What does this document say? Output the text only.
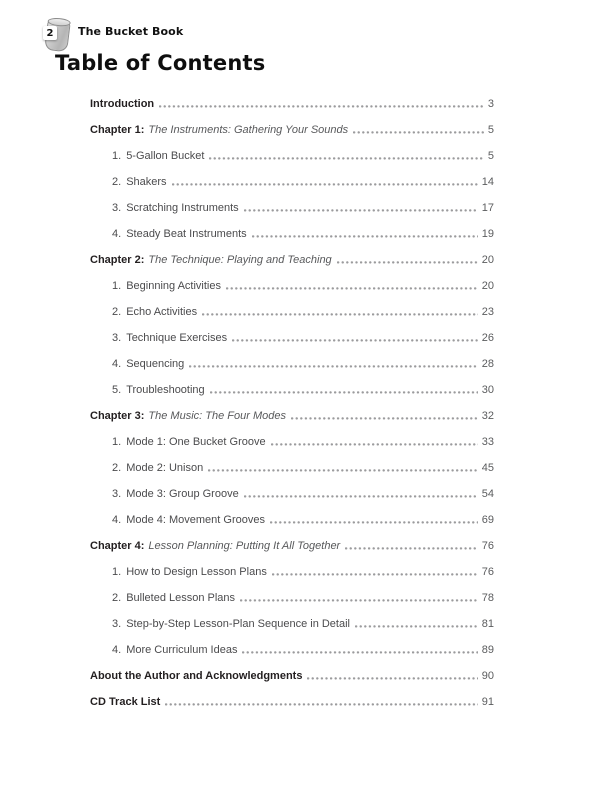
2	The Bucket Book
Table of Contents
Introduction	3
Chapter 1: The Instruments: Gathering Your Sounds	5
1. 5-Gallon Bucket	5
2. Shakers	14
3. Scratching Instruments	17
4. Steady Beat Instruments	19
Chapter 2: The Technique: Playing and Teaching	20
1. Beginning Activities	20
2. Echo Activities	23
3. Technique Exercises	26
4. Sequencing	28
5. Troubleshooting	30
Chapter 3: The Music: The Four Modes	32
1. Mode 1: One Bucket Groove	33
2. Mode 2: Unison	45
3. Mode 3: Group Groove	54
4. Mode 4: Movement Grooves	69
Chapter 4: Lesson Planning: Putting It All Together	76
1. How to Design Lesson Plans	76
2. Bulleted Lesson Plans	78
3. Step-by-Step Lesson-Plan Sequence in Detail	81
4. More Curriculum Ideas	89
About the Author and Acknowledgments	90
CD Track List	91
